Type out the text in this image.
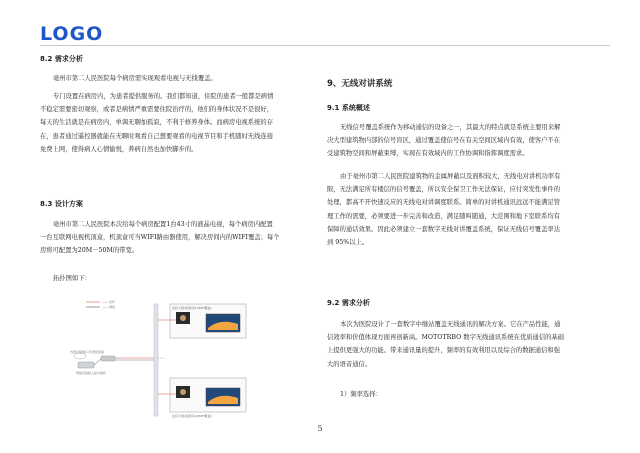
LOGO
8.2 需求分析

亳州市第二人民医院每个病房需实现观看电视与无线覆盖。

专门设置在病房内，为患者提供服务的。我们都知道，住院的患者一般都是病情

不稳定需要密切观察，或者是病情严重需要住院治疗的，他们的身体状况不是很好，

每天的生活就是在病房内，单调无聊加孤寂，不利于修养身体。而病房电视系统的存

在，患者通过遥控器就能在无聊时观看自己想要观看的电视节目和手机随时无线连接

免费上网，使得病人心情愉悦，养病自然也加快脚步的。

8.3 设计方案

亳州市第二人民医院本次给每个病房配置1台43寸的液晶电视，每个病房内配置

一台互联网电视机顶盒，机顶盒可当WIFI路由器使用，解决房间内的WIFI覆盖；每个

房将可配置为20M－50M的带宽。

拓扑图如下：

―― 光纤
―― 网线
内网互联网/口令登录连接
网络设备接入层交换机
住院大楼4层病房1(WIFI覆盖)
住院大楼4层病房2(WIFI覆盖)
9、无线对讲系统
9.1 系统概述

无线信号覆盖系统作为移动通信的设备之一，其最大的特点就是系统主要用来解

决大型建筑物内部的信号盲区，通过覆盖使信号在有关空间区域内有效，使客户不在

受建筑物空间和屏蔽束缚，实现在有效域内的工作协调和指挥调度需求。

由于亳州市第二人民医院建筑物的金属屏蔽以及面积较大，无线电对讲机功率有

限，无法满足所有楼层的信号覆盖，所以安全保卫工作无法保证，应付突发性事件的

处理，都高不开快速反应的无线电对讲调度联系。简单的对讲机通讯远远不能满足管

理工作的需要，必须要进一步完善和改造，满足随叫随通，大范围和地下室联系均有

保障的通话效果。因此必须建立一套数字无线对讲覆盖系统，保证无线信号覆盖率达

到 95%以上。

9.2 需求分析

本次为医院设计了一套数字中继站覆盖无线通讯的解决方案。它在产品性能，通

信效率和价值体现方面再创新高。MOTOTRBO 数字无线通讯系统在优质通信的基础

上提供更强大的功能。带来通讯量的提升，频率的有效利用以及综合的数据通信和强

大的语音通信。

1）频率选择：

5
